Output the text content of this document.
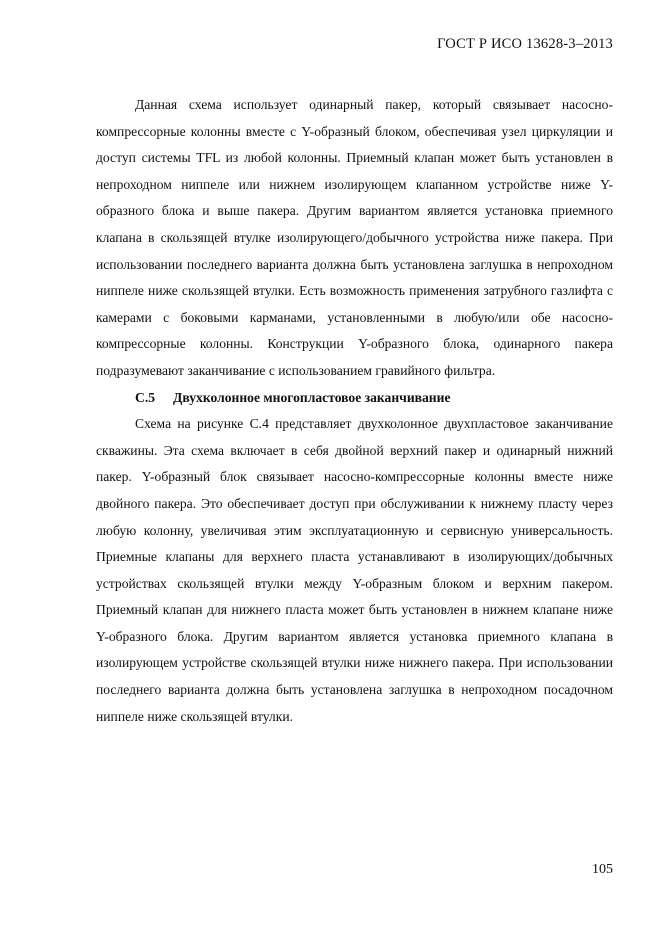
ГОСТ Р ИСО 13628-3–2013

Данная схема использует одинарный пакер, который связывает насосно-компрессорные колонны вместе с Y-образный блоком, обеспечивая узел циркуляции и доступ системы TFL из любой колонны. Приемный клапан может быть установлен в непроходном ниппеле или нижнем изолирующем клапанном устройстве ниже Y-образного блока и выше пакера. Другим вариантом является установка приемного клапана в скользящей втулке изолирующего/добычного устройства ниже пакера. При использовании последнего варианта должна быть установлена заглушка в непроходном ниппеле ниже скользящей втулки. Есть возможность применения затрубного газлифта с камерами с боковыми карманами, установленными в любую/или обе насосно-компрессорные колонны. Конструкции Y-образного блока, одинарного пакера подразумевают заканчивание с использованием гравийного фильтра.

С.5 Двухколонное многопластовое заканчивание

Схема на рисунке С.4 представляет двухколонное двухпластовое заканчивание скважины. Эта схема включает в себя двойной верхний пакер и одинарный нижний пакер. Y-образный блок связывает насосно-компрессорные колонны вместе ниже двойного пакера. Это обеспечивает доступ при обслуживании к нижнему пласту через любую колонну, увеличивая этим эксплуатационную и сервисную универсальность. Приемные клапаны для верхнего пласта устанавливают в изолирующих/добычных устройствах скользящей втулки между Y-образным блоком и верхним пакером. Приемный клапан для нижнего пласта может быть установлен в нижнем клапане ниже Y-образного блока. Другим вариантом является установка приемного клапана в изолирующем устройстве скользящей втулки ниже нижнего пакера. При использовании последнего варианта должна быть установлена заглушка в непроходном посадочном ниппеле ниже скользящей втулки.

105
